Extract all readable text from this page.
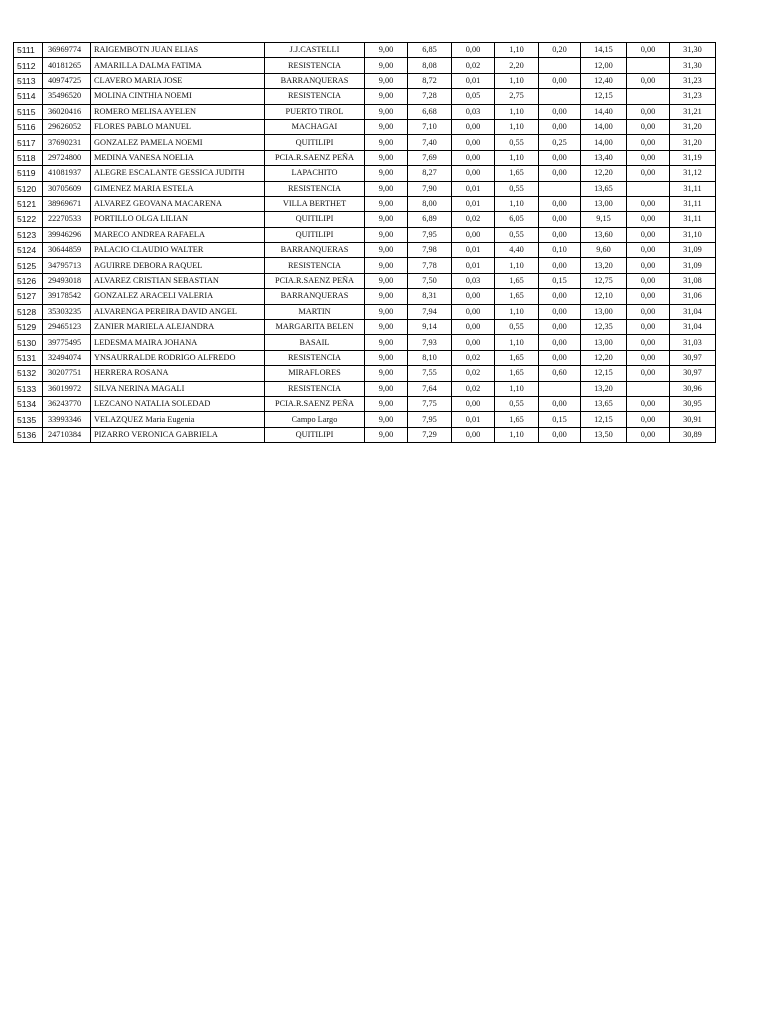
5111	36969774	RAIGEMBOTN JUAN ELIAS	J.J.CASTELLI	9,00	6,85	0,00	1,10	0,20	14,15	0,00	31,30
5112	40181265	AMARILLA DALMA FATIMA	RESISTENCIA	9,00	8,08	0,02	2,20		12,00		31,30
5113	40974725	CLAVERO MARIA JOSE	BARRANQUERAS	9,00	8,72	0,01	1,10	0,00	12,40	0,00	31,23
5114	35496520	MOLINA CINTHIA NOEMI	RESISTENCIA	9,00	7,28	0,05	2,75		12,15		31,23
5115	36020416	ROMERO MELISA AYELEN	PUERTO TIROL	9,00	6,68	0,03	1,10	0,00	14,40	0,00	31,21
5116	29626052	FLORES PABLO MANUEL	MACHAGAI	9,00	7,10	0,00	1,10	0,00	14,00	0,00	31,20
5117	37690231	GONZALEZ PAMELA NOEMI	QUITILIPI	9,00	7,40	0,00	0,55	0,25	14,00	0,00	31,20
5118	29724800	MEDINA VANESA NOELIA	PCIA.R.SAENZ PEÑA	9,00	7,69	0,00	1,10	0,00	13,40	0,00	31,19
5119	41081937	ALEGRE ESCALANTE GESSICA JUDITH	LAPACHITO	9,00	8,27	0,00	1,65	0,00	12,20	0,00	31,12
5120	30705609	GIMENEZ MARIA ESTELA	RESISTENCIA	9,00	7,90	0,01	0,55		13,65		31,11
5121	38969671	ALVAREZ GEOVANA MACARENA	VILLA BERTHET	9,00	8,00	0,01	1,10	0,00	13,00	0,00	31,11
5122	22270533	PORTILLO OLGA LILIAN	QUITILIPI	9,00	6,89	0,02	6,05	0,00	9,15	0,00	31,11
5123	39946296	MARECO ANDREA RAFAELA	QUITILIPI	9,00	7,95	0,00	0,55	0,00	13,60	0,00	31,10
5124	30644859	PALACIO CLAUDIO WALTER	BARRANQUERAS	9,00	7,98	0,01	4,40	0,10	9,60	0,00	31,09
5125	34795713	AGUIRRE DEBORA RAQUEL	RESISTENCIA	9,00	7,78	0,01	1,10	0,00	13,20	0,00	31,09
5126	29493018	ALVAREZ CRISTIAN SEBASTIAN	PCIA.R.SAENZ PEÑA	9,00	7,50	0,03	1,65	0,15	12,75	0,00	31,08
5127	39178542	GONZALEZ ARACELI VALERIA	BARRANQUERAS	9,00	8,31	0,00	1,65	0,00	12,10	0,00	31,06
5128	35303235	ALVARENGA PEREIRA DAVID ANGEL	MARTIN	9,00	7,94	0,00	1,10	0,00	13,00	0,00	31,04
5129	29465123	ZANIER MARIELA ALEJANDRA	MARGARITA BELEN	9,00	9,14	0,00	0,55	0,00	12,35	0,00	31,04
5130	39775495	LEDESMA MAIRA JOHANA	BASAIL	9,00	7,93	0,00	1,10	0,00	13,00	0,00	31,03
5131	32494074	YNSAURRALDE RODRIGO ALFREDO	RESISTENCIA	9,00	8,10	0,02	1,65	0,00	12,20	0,00	30,97
5132	30207751	HERRERA ROSANA	MIRAFLORES	9,00	7,55	0,02	1,65	0,60	12,15	0,00	30,97
5133	36019972	SILVA NERINA MAGALI	RESISTENCIA	9,00	7,64	0,02	1,10		13,20		30,96
5134	36243770	LEZCANO NATALIA SOLEDAD	PCIA.R.SAENZ PEÑA	9,00	7,75	0,00	0,55	0,00	13,65	0,00	30,95
5135	33993346	VELAZQUEZ Maria Eugenia	Campo Largo	9,00	7,95	0,01	1,65	0,15	12,15	0,00	30,91
5136	24710384	PIZARRO VERONICA GABRIELA	QUITILIPI	9,00	7,29	0,00	1,10	0,00	13,50	0,00	30,89
